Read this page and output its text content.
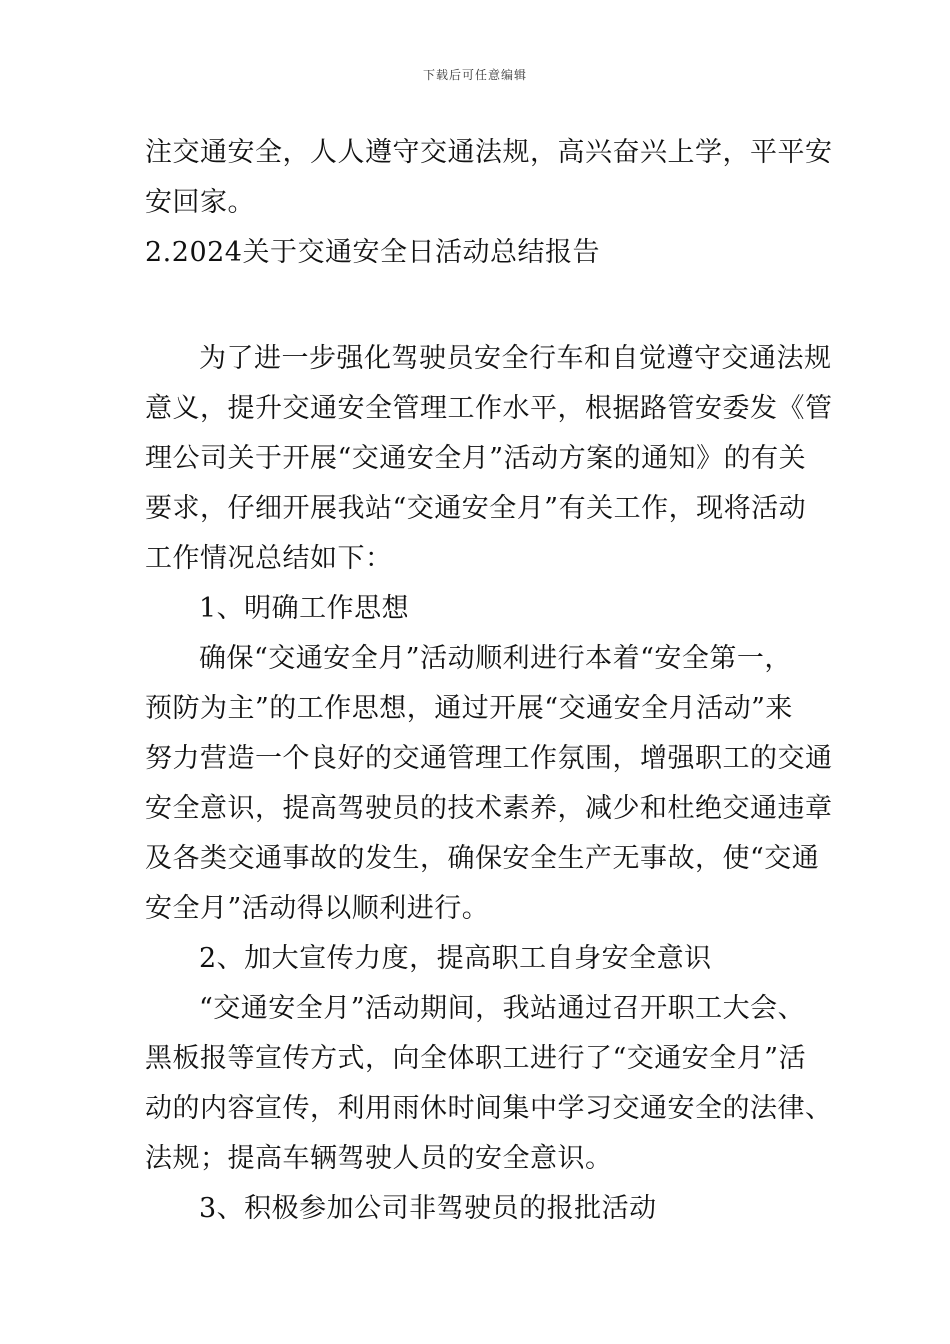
下载后可任意编辑
注交通安全，人人遵守交通法规，高兴奋兴上学，平平安
安回家。
2.2024关于交通安全日活动总结报告
为了进一步强化驾驶员安全行车和自觉遵守交通法规
意义，提升交通安全管理工作水平，根据路管安委发《管
理公司关于开展“交通安全月”活动方案的通知》的有关
要求，仔细开展我站“交通安全月”有关工作，现将活动
工作情况总结如下：
1、明确工作思想
确保“交通安全月”活动顺利进行本着“安全第一，
预防为主”的工作思想，通过开展“交通安全月活动”来
努力营造一个良好的交通管理工作氛围，增强职工的交通
安全意识，提高驾驶员的技术素养，减少和杜绝交通违章
及各类交通事故的发生，确保安全生产无事故，使“交通
安全月”活动得以顺利进行。
2、加大宣传力度，提高职工自身安全意识
“交通安全月”活动期间，我站通过召开职工大会、
黑板报等宣传方式，向全体职工进行了“交通安全月”活
动的内容宣传，利用雨休时间集中学习交通安全的法律、
法规；提高车辆驾驶人员的安全意识。
3、积极参加公司非驾驶员的报批活动
